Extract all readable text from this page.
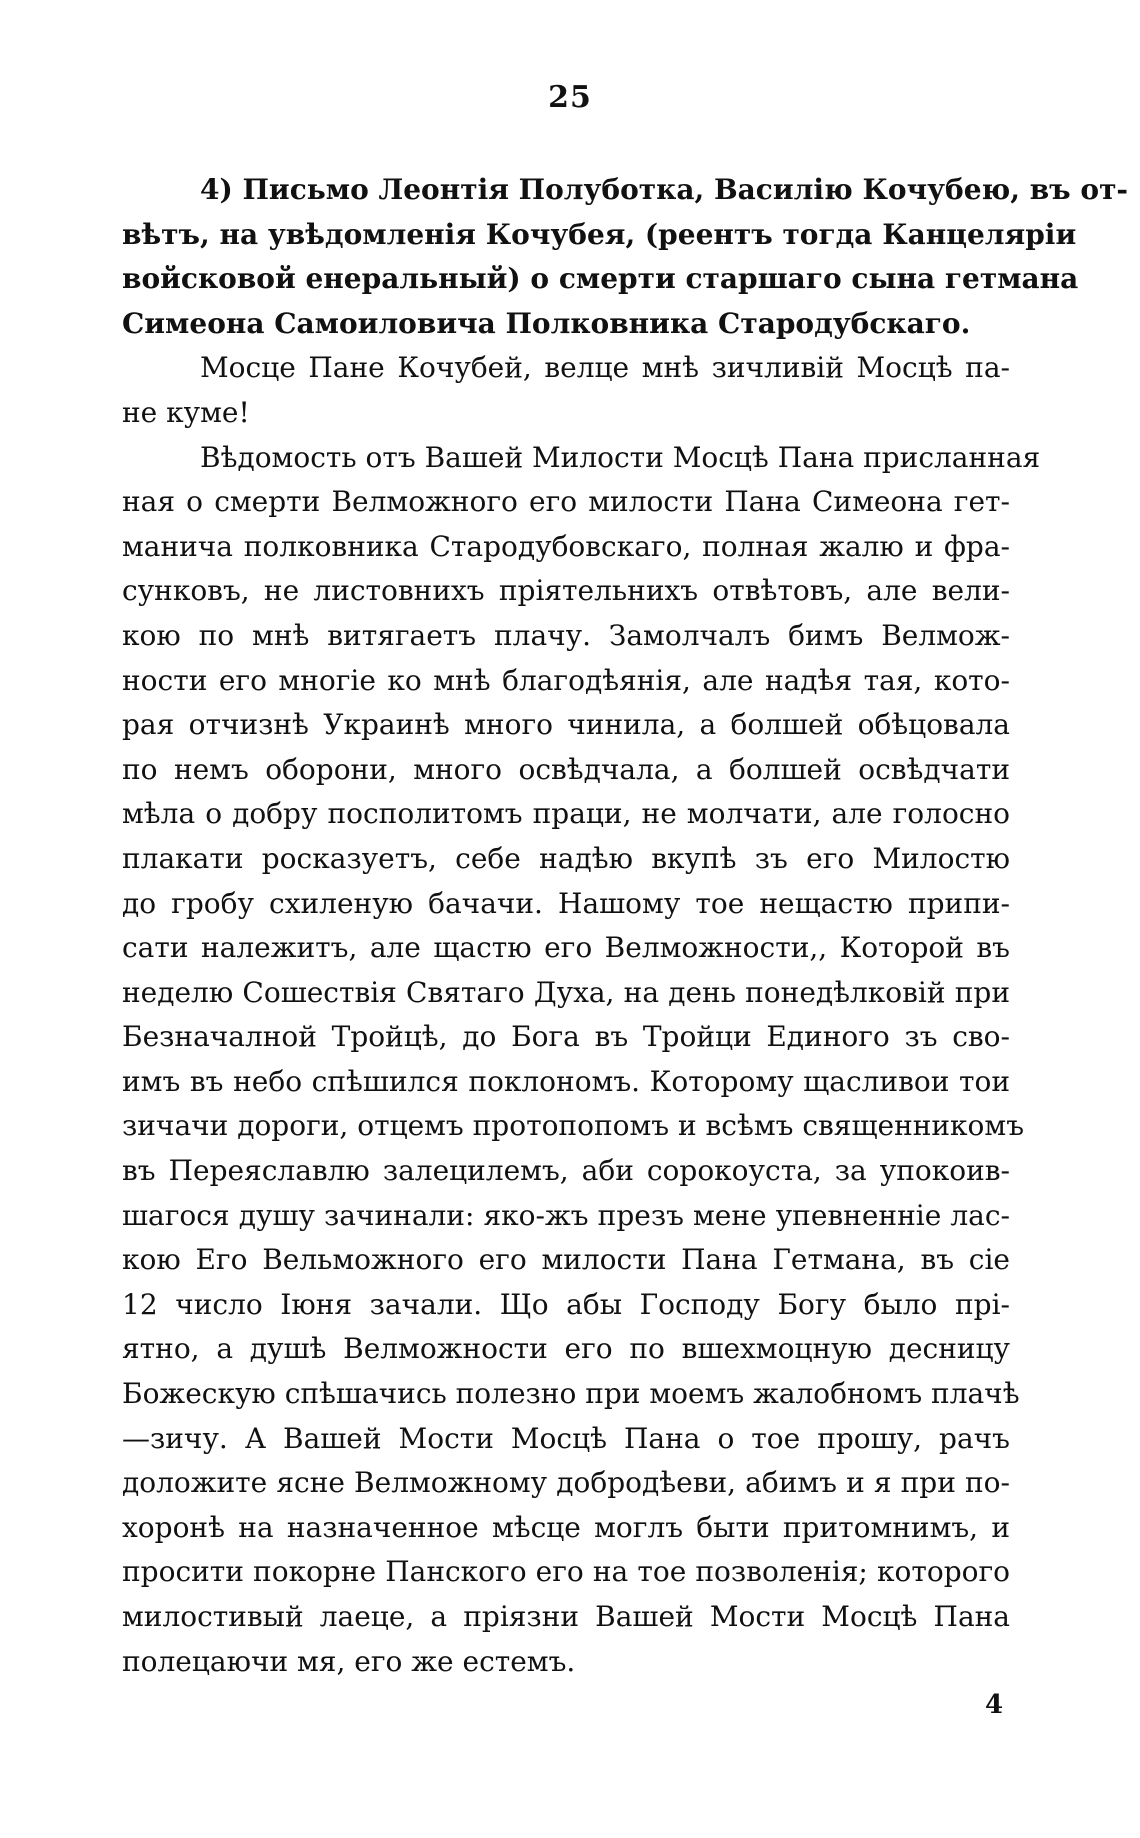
25
4) Письмо Леонтія Полуботка, Василію Кочубею, въ от-
вѣтъ, на увѣдомленія Кочубея, (реентъ тогда Канцеляріи
войсковой енеральный) о смерти старшаго сына гетмана
Симеона Самоиловича Полковника Стародубскаго.
Мосце Пане Кочубей, велце мнѣ зичливій Мосцѣ па-
не куме!
Вѣдомость отъ Вашей Милости Мосцѣ Пана присланная
ная о смерти Велможного его милости Пана Симеона гет-
манича полковника Стародубовскаго, полная жалю и фра-
сунковъ, не листовнихъ пріятельнихъ отвѣтовъ, але вели-
кою по мнѣ витягаетъ плачу. Замолчалъ бимъ Велмож-
ности его многіе ко мнѣ благодѣянія, але надѣя тая, кото-
рая отчизнѣ Украинѣ много чинила, а болшей обѣцовала
по немъ оборони, много освѣдчала, а болшей освѣдчати
мѣла о добру посполитомъ праци, не молчати, але голосно
плакати росказуетъ, себе надѣю вкупѣ зъ его Милостю
до гробу схиленую бачачи. Нашому тое нещастю припи-
сати належитъ, але щастю его Велможности,, Которой въ
неделю Сошествія Святаго Духа, на день понедѣлковій при
Безначалной Тройцѣ, до Бога въ Тройци Единого зъ сво-
имъ въ небо спѣшился поклономъ. Которому щасливои тои
зичачи дороги, отцемъ протопопомъ и всѣмъ священникомъ
въ Переяславлю залецилемъ, аби сорокоуста, за упокоив-
шагося душу зачинали: яко-жъ презъ мене упевненніе лас-
кою Его Вельможного его милости Пана Гетмана, въ сіе
12 число Іюня зачали. Що абы Господу Богу было прі-
ятно, а душѣ Велможности его по вшехмоцную десницу
Божескую спѣшачись полезно при моемъ жалобномъ плачѣ
—зичу. А Вашей Мости Мосцѣ Пана о тое прошу, рачъ
доложите ясне Велможному добродѣеви, абимъ и я при по-
хоронѣ на назначенное мѣсце моглъ быти притомнимъ, и
просити покорне Панского его на тое позволенія; которого
милостивый лаеце, а пріязни Вашей Мости Мосцѣ Пана
полецаючи мя, его же естемъ.
4
